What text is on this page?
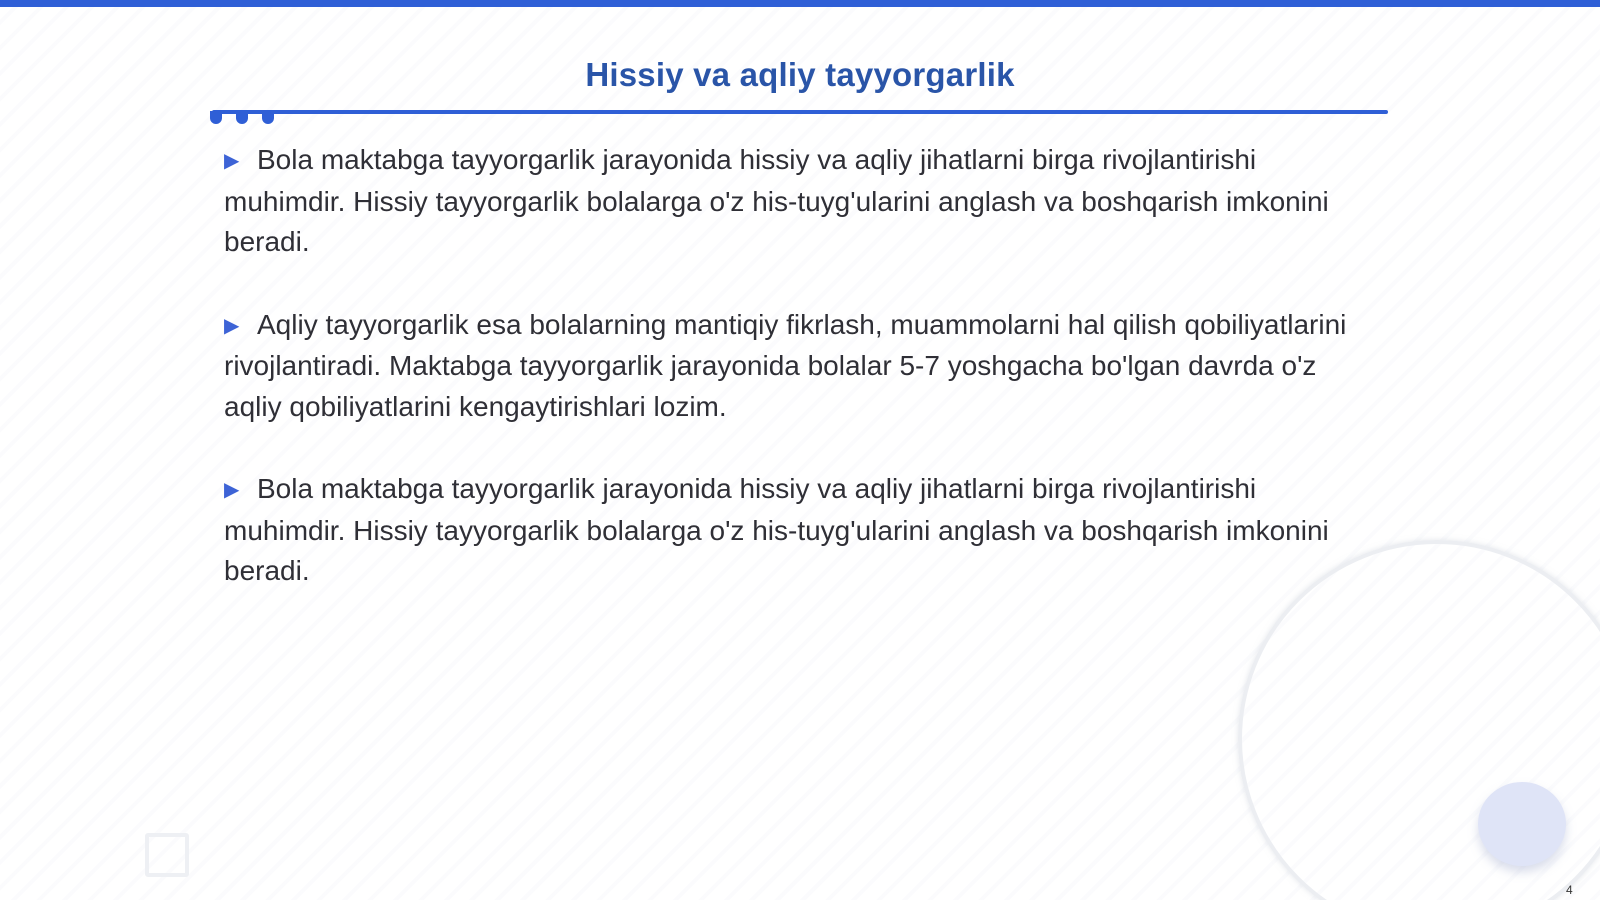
Hissiy va aqliy tayyorgarlik

▶ Bola maktabga tayyorgarlik jarayonida hissiy va aqliy jihatlarni birga rivojlantirishi muhimdir. Hissiy tayyorgarlik bolalarga o'z his-tuyg'ularini anglash va boshqarish imkonini beradi.

▶ Aqliy tayyorgarlik esa bolalarning mantiqiy fikrlash, muammolarni hal qilish qobiliyatlarini rivojlantiradi. Maktabga tayyorgarlik jarayonida bolalar 5-7 yoshgacha bo'lgan davrda o'z aqliy qobiliyatlarini kengaytirishlari lozim.

▶ Bola maktabga tayyorgarlik jarayonida hissiy va aqliy jihatlarni birga rivojlantirishi muhimdir. Hissiy tayyorgarlik bolalarga o'z his-tuyg'ularini anglash va boshqarish imkonini beradi.

4
